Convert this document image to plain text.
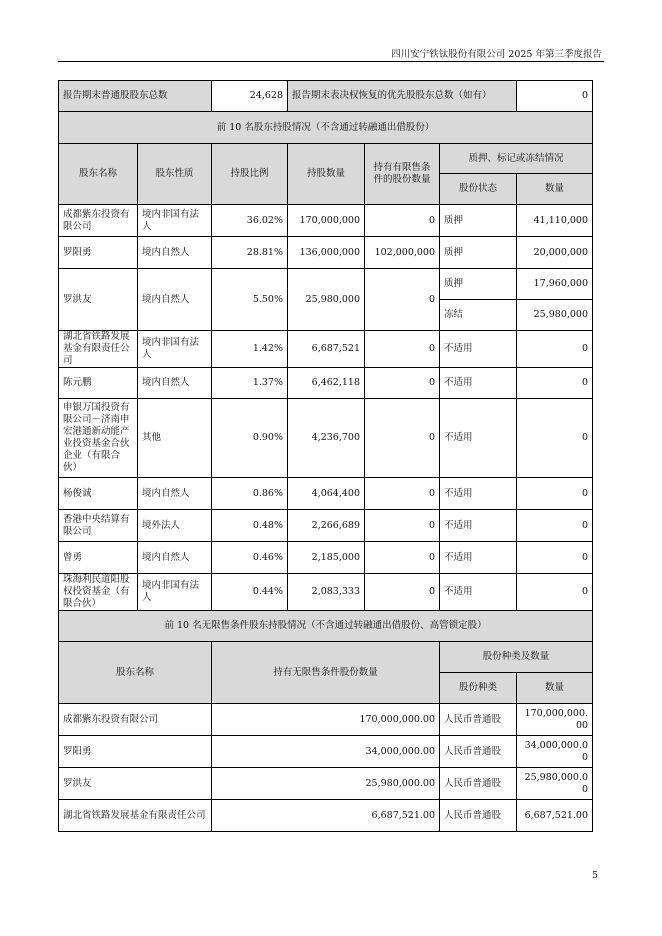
四川安宁铁钛股份有限公司 2025 年第三季度报告
报告期末普通股股东总数		24,628	报告期末表决权恢复的优先股股东总数（如有）			0
前 10 名股东持股情况（不含通过转融通出借股份）						
股东名称	股东性质	持股比例	持股数量	持有有限售条件的股份数量	质押、标记或冻结情况	
					股份状态	数量
成都紫东投资有限公司	境内非国有法人	36.02%	170,000,000	0	质押	41,110,000
罗阳勇	境内自然人	28.81%	136,000,000	102,000,000	质押	20,000,000
罗洪友	境内自然人	5.50%	25,980,000	0	质押	17,960,000
					冻结	25,980,000
湖北省铁路发展基金有限责任公司	境内非国有法人	1.42%	6,687,521	0	不适用	0
陈元鹏	境内自然人	1.37%	6,462,118	0	不适用	0
申银万国投资有限公司－济南申宏港通新动能产业投资基金合伙企业（有限合伙）	其他	0.90%	4,236,700	0	不适用	0
杨俊诚	境内自然人	0.86%	4,064,400	0	不适用	0
香港中央结算有限公司	境外法人	0.48%	2,266,689	0	不适用	0
曾勇	境内自然人	0.46%	2,185,000	0	不适用	0
珠海利民道阳股权投资基金（有限合伙）	境内非国有法人	0.44%	2,083,333	0	不适用	0
前 10 名无限售条件股东持股情况（不含通过转融通出借股份、高管锁定股）						
股东名称		持有无限售条件股份数量			股份种类及数量	
					股份种类	数量
成都紫东投资有限公司		170,000,000.00			人民币普通股	170,000,000.00
罗阳勇		34,000,000.00			人民币普通股	34,000,000.00
罗洪友		25,980,000.00			人民币普通股	25,980,000.00
湖北省铁路发展基金有限责任公司		6,687,521.00			人民币普通股	6,687,521.00
5
